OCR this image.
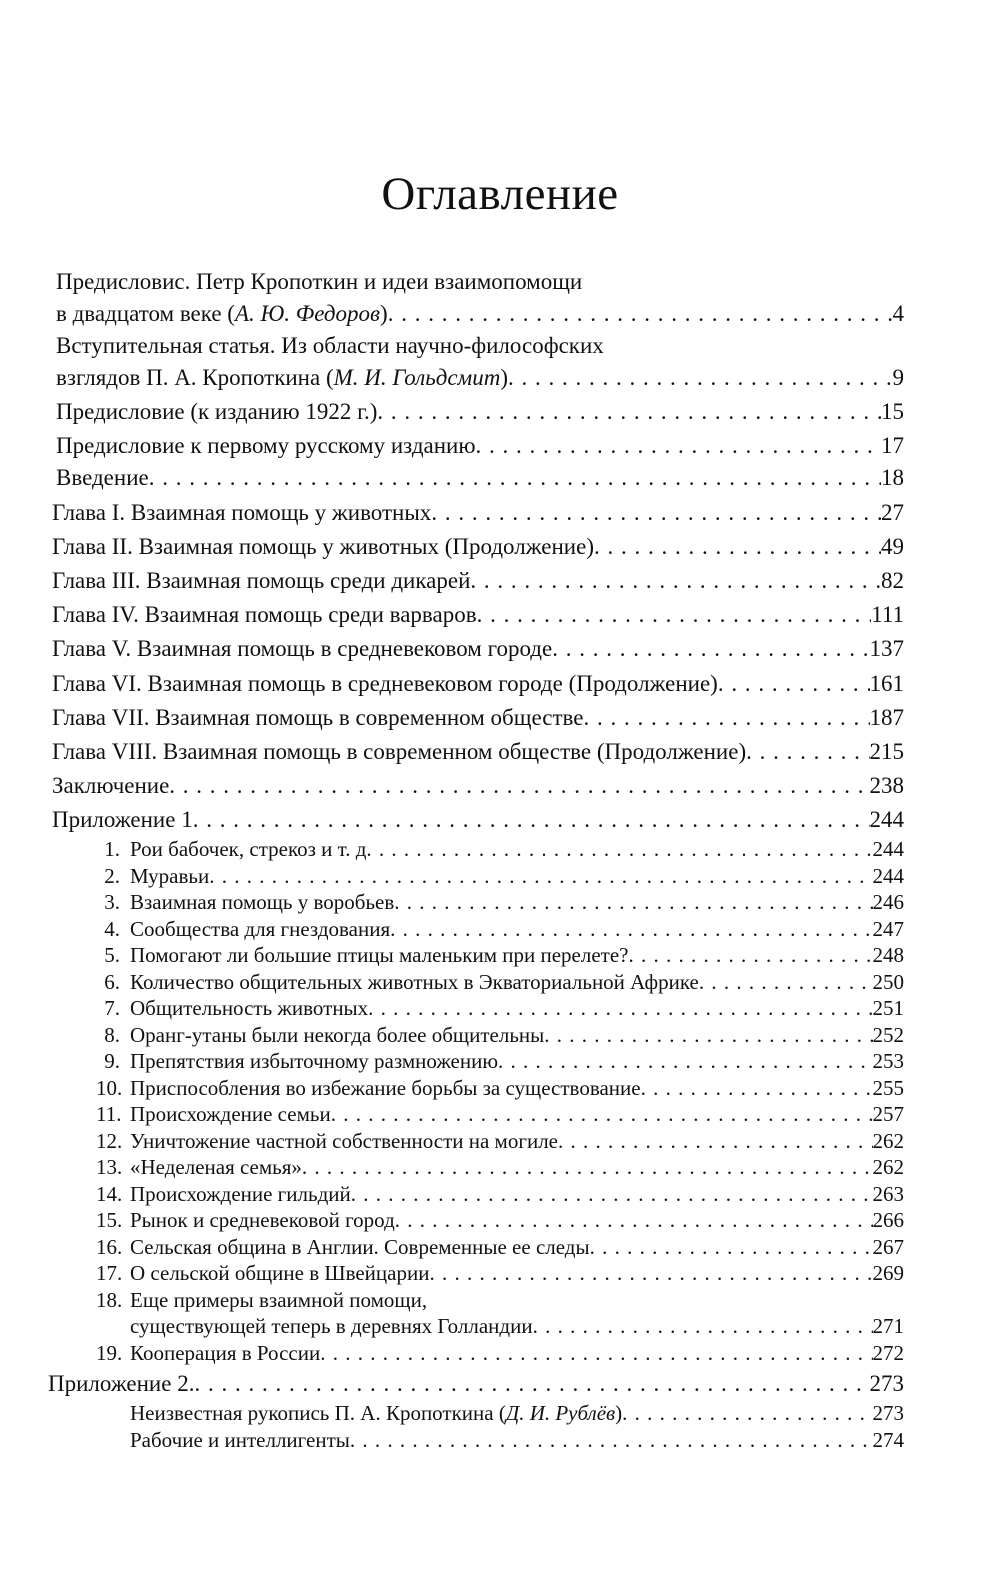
Оглавление
Предисловиc. Петр Кропоткин и идеи взаимопомощи
в двадцатом веке (А. Ю. Федоров) . . .	4
Вступительная статья. Из области научно-философских
взглядов П. А. Кропоткина (М. И. Гольдсмит) . . .	9
Предисловие (к изданию 1922 г.) . . .	15
Предисловие к первому русскому изданию . . .	17
Введение . . .	18
Глава I. Взаимная помощь у животных . . .	27
Глава II. Взаимная помощь у животных (Продолжение) . . .	49
Глава III. Взаимная помощь среди дикарей . . .	82
Глава IV. Взаимная помощь среди варваров . . .	111
Глава V. Взаимная помощь в средневековом городе . . .	137
Глава VI. Взаимная помощь в средневековом городе (Продолжение) . . .	161
Глава VII. Взаимная помощь в современном обществе . . .	187
Глава VIII. Взаимная помощь в современном обществе (Продолжение) . . .	215
Заключение . . .	238
Приложение 1 . . .	244
1. Рои бабочек, стрекоз и т. д . . .	244
2. Муравьи . . .	244
3. Взаимная помощь у воробьев . . .	246
4. Сообщества для гнездования . . .	247
5. Помогают ли большие птицы маленьким при перелете? . . .	248
6. Количество общительных животных в Экваториальной Африке . . .	250
7. Общительность животных . . .	251
8. Оранг-утаны были некогда более общительны . . .	252
9. Препятствия избыточному размножению . . .	253
10. Приспособления во избежание борьбы за существование . . .	255
11. Происхождение семьи . . .	257
12. Уничтожение частной собственности на могиле . . .	262
13. «Неделеная семья» . . .	262
14. Происхождение гильдий . . .	263
15. Рынок и средневековой город . . .	266
16. Сельская община в Англии. Современные ее следы . . .	267
17. О сельской общине в Швейцарии . . .	269
18. Еще примеры взаимной помощи,
существующей теперь в деревнях Голландии . . .	271
19. Кооперация в России . . .	272
Приложение 2. . . .	273
Неизвестная рукопись П. А. Кропоткина (Д. И. Рублёв) . . .	273
Рабочие и интеллигенты . . .	274
